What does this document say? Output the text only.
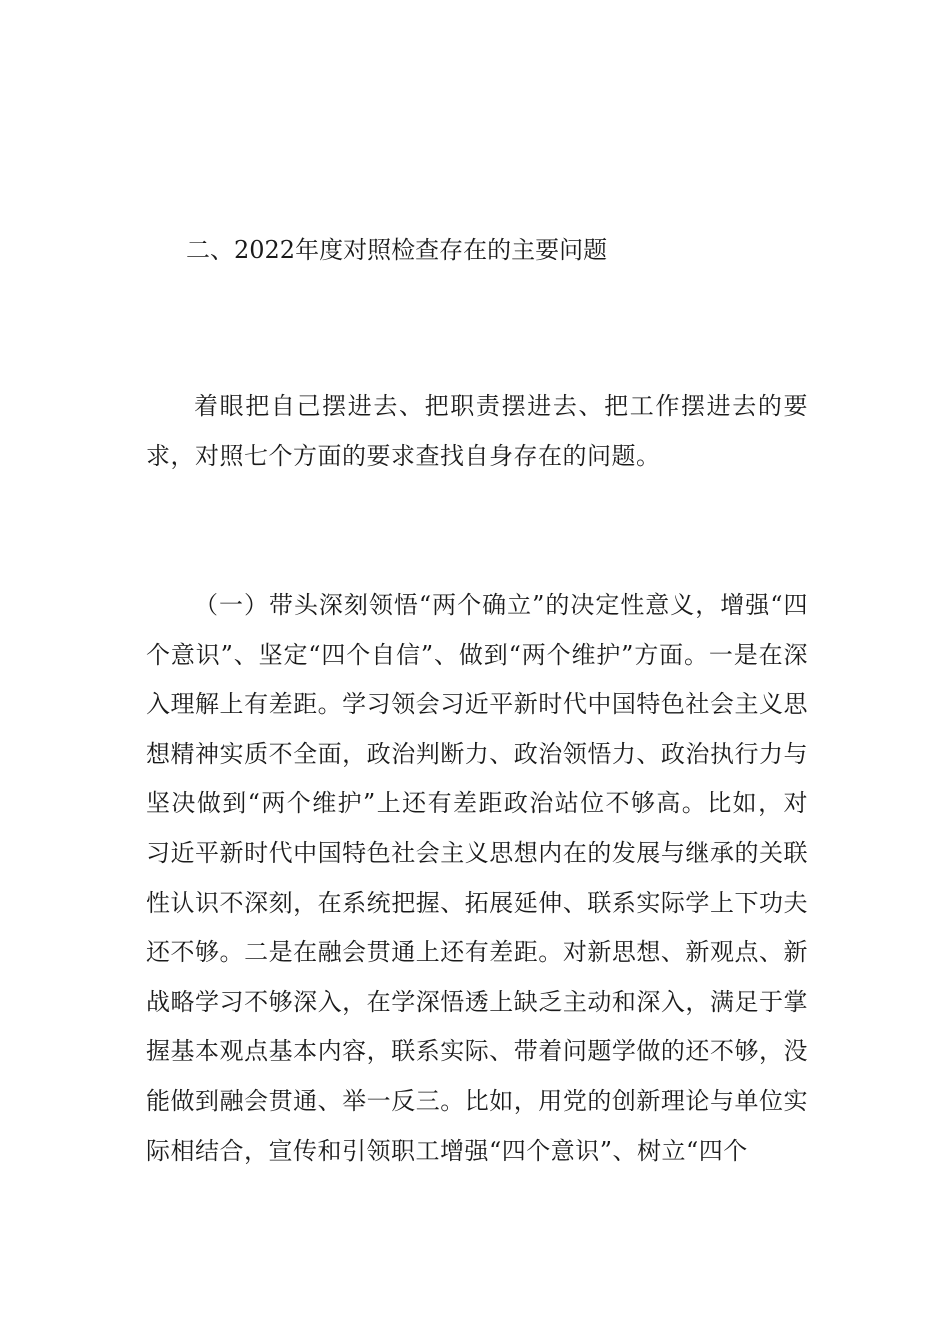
二、2022年度对照检查存在的主要问题

着眼把自己摆进去、把职责摆进去、把工作摆进去的要求，对照七个方面的要求查找自身存在的问题。

（一）带头深刻领悟“两个确立”的决定性意义，增强“四个意识”、坚定“四个自信”、做到“两个维护”方面。一是在深入理解上有差距。学习领会习近平新时代中国特色社会主义思想精神实质不全面，政治判断力、政治领悟力、政治执行力与坚决做到“两个维护”上还有差距政治站位不够高。比如，对习近平新时代中国特色社会主义思想内在的发展与继承的关联性认识不深刻，在系统把握、拓展延伸、联系实际学上下功夫还不够。二是在融会贯通上还有差距。对新思想、新观点、新战略学习不够深入，在学深悟透上缺乏主动和深入，满足于掌握基本观点基本内容，联系实际、带着问题学做的还不够，没能做到融会贯通、举一反三。比如，用党的创新理论与单位实际相结合，宣传和引领职工增强“四个意识”、树立“四个
